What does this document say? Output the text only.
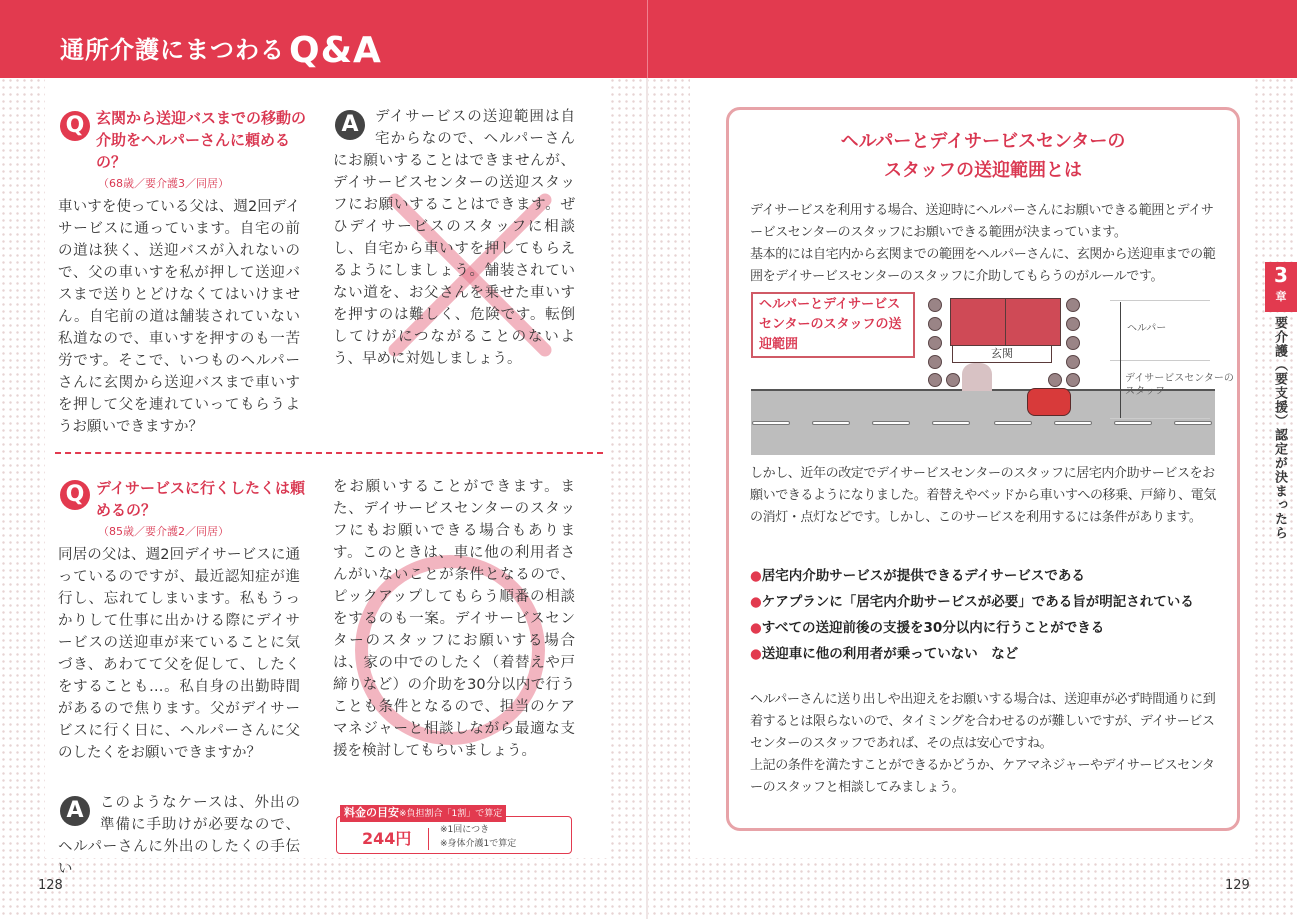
通所介護にまつわる Q&A
Q 玄関から送迎バスまでの移動の介助をヘルパーさんに頼めるの？
（68歳／要介護3／同居）
車いすを使っている父は、週2回デイサービスに通っています。自宅の前の道は狭く、送迎バスが入れないので、父の車いすを私が押して送迎バスまで送りとどけなくてはいけません。自宅前の道は舗装されていない私道なので、車いすを押すのも一苦労です。そこで、いつものヘルパーさんに玄関から送迎バスまで車いすを押して父を連れていってもらうようお願いできますか？
A	デイサービスの送迎範囲は自宅からなので、ヘルパーさんにお願いすることはできませんが、デイサービスセンターの送迎スタッフにお願いすることはできます。ぜひデイサービスのスタッフに相談し、自宅から車いすを押してもらえるようにしましょう。舗装されていない道を、お父さんを乗せた車いすを押すのは難しく、危険です。転倒してけがにつながることのないよう、早めに対処しましょう。
Q デイサービスに行くしたくは頼めるの？
（85歳／要介護2／同居）
同居の父は、週2回デイサービスに通っているのですが、最近認知症が進行し、忘れてしまいます。私もうっかりして仕事に出かける際にデイサービスの送迎車が来ていることに気づき、あわてて父を促して、したくをすることも…。私自身の出勤時間があるので焦ります。父がデイサービスに行く日に、ヘルパーさんに父のしたくをお願いできますか？
A	このようなケースは、外出の準備に手助けが必要なので、ヘルパーさんに外出のしたくの手伝い
をお願いすることができます。また、デイサービスセンターのスタッフにもお願いできる場合もあります。このときは、車に他の利用者さんがいないことが条件となるので、ピックアップしてもらう順番の相談をするのも一案。デイサービスセンターのスタッフにお願いする場合は、家の中でのしたく（着替えや戸締りなど）の介助を30分以内で行うことも条件となるので、担当のケアマネジャーと相談しながら最適な支援を検討してもらいましょう。
料金の目安※負担割合「1割」で算定
244円	※1回につき
※身体介護1で算定
ヘルパーとデイサービスセンターの
スタッフの送迎範囲とは
デイサービスを利用する場合、送迎時にヘルパーさんにお願いできる範囲とデイサービスセンターのスタッフにお願いできる範囲が決まっています。
基本的には自宅内から玄関までの範囲をヘルパーさんに、玄関から送迎車までの範囲をデイサービスセンターのスタッフに介助してもらうのがルールです。
ヘルパーとデイサービスセンターのスタッフの送迎範囲
玄関
ヘルパー
デイサービスセンターのスタッフ
しかし、近年の改定でデイサービスセンターのスタッフに居宅内介助サービスをお願いできるようになりました。着替えやベッドから車いすへの移乗、戸締り、電気の消灯・点灯などです。しかし、このサービスを利用するには条件があります。
●居宅内介助サービスが提供できるデイサービスである
●ケアプランに「居宅内介助サービスが必要」である旨が明記されている
●すべての送迎前後の支援を30分以内に行うことができる
●送迎車に他の利用者が乗っていない　など
ヘルパーさんに送り出しや出迎えをお願いする場合は、送迎車が必ず時間通りに到着するとは限らないので、タイミングを合わせるのが難しいですが、デイサービスセンターのスタッフであれば、その点は安心ですね。
上記の条件を満たすことができるかどうか、ケアマネジャーやデイサービスセンターのスタッフと相談してみましょう。
3
章
要介護（要支援）認定が決まったら
128	129
